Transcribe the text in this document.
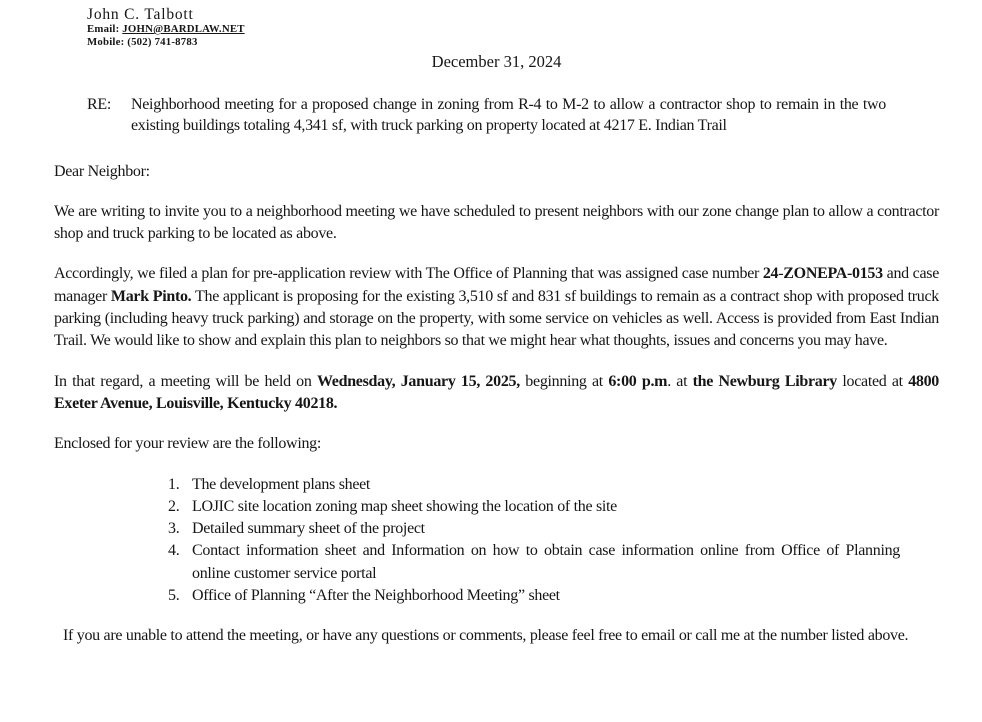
John C. Talbott
Email: JOHN@BARDLAW.NET
Mobile: (502) 741-8783
December 31, 2024
RE: Neighborhood meeting for a proposed change in zoning from R-4 to M-2 to allow a contractor shop to remain in the two existing buildings totaling 4,341 sf, with truck parking on property located at 4217 E. Indian Trail

Dear Neighbor:

We are writing to invite you to a neighborhood meeting we have scheduled to present neighbors with our zone change plan to allow a contractor shop and truck parking to be located as above.

Accordingly, we filed a plan for pre-application review with The Office of Planning that was assigned case number 24-ZONEPA-0153 and case manager Mark Pinto. The applicant is proposing for the existing 3,510 sf and 831 sf buildings to remain as a contract shop with proposed truck parking (including heavy truck parking) and storage on the property, with some service on vehicles as well. Access is provided from East Indian Trail. We would like to show and explain this plan to neighbors so that we might hear what thoughts, issues and concerns you may have.

In that regard, a meeting will be held on Wednesday, January 15, 2025, beginning at 6:00 p.m. at the Newburg Library located at 4800 Exeter Avenue, Louisville, Kentucky 40218.

Enclosed for your review are the following:

1. The development plans sheet
2. LOJIC site location zoning map sheet showing the location of the site
3. Detailed summary sheet of the project
4. Contact information sheet and Information on how to obtain case information online from Office of Planning online customer service portal
5. Office of Planning “After the Neighborhood Meeting” sheet

If you are unable to attend the meeting, or have any questions or comments, please feel free to email or call me at the number listed above.
